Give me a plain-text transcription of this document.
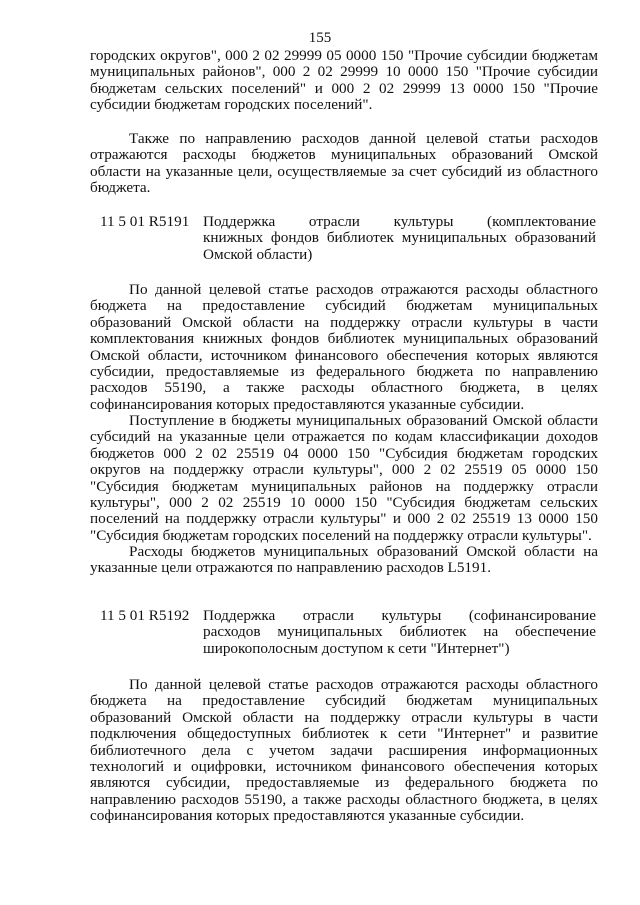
155
городских округов", 000 2 02 29999 05 0000 150 "Прочие субсидии бюджетам
муниципальных районов", 000 2 02 29999 10 0000 150 "Прочие субсидии
бюджетам сельских поселений" и 000 2 02 29999 13 0000 150 "Прочие
субсидии бюджетам городских поселений".
Также по направлению расходов данной целевой статьи расходов
отражаются расходы бюджетов муниципальных образований Омской
области на указанные цели, осуществляемые за счет субсидий из областного
бюджета.
11 5 01 R5191 Поддержка отрасли культуры (комплектование
книжных фондов библиотек муниципальных образований
Омской области)
По данной целевой статье расходов отражаются расходы областного
бюджета на предоставление субсидий бюджетам муниципальных
образований Омской области на поддержку отрасли культуры в части
комплектования книжных фондов библиотек муниципальных образований
Омской области, источником финансового обеспечения которых являются
субсидии, предоставляемые из федерального бюджета по направлению
расходов 55190, а также расходы областного бюджета, в целях
софинансирования которых предоставляются указанные субсидии.
Поступление в бюджеты муниципальных образований Омской области
субсидий на указанные цели отражается по кодам классификации доходов
бюджетов 000 2 02 25519 04 0000 150 "Субсидия бюджетам городских
округов на поддержку отрасли культуры", 000 2 02 25519 05 0000 150
"Субсидия бюджетам муниципальных районов на поддержку отрасли
культуры", 000 2 02 25519 10 0000 150 "Субсидия бюджетам сельских
поселений на поддержку отрасли культуры" и 000 2 02 25519 13 0000 150
"Субсидия бюджетам городских поселений на поддержку отрасли культуры".
Расходы бюджетов муниципальных образований Омской области на
указанные цели отражаются по направлению расходов L5191.
11 5 01 R5192 Поддержка отрасли культуры (софинансирование
расходов муниципальных библиотек на обеспечение
широкополосным доступом к сети "Интернет")
По данной целевой статье расходов отражаются расходы областного
бюджета на предоставление субсидий бюджетам муниципальных
образований Омской области на поддержку отрасли культуры в части
подключения общедоступных библиотек к сети "Интернет" и развитие
библиотечного дела с учетом задачи расширения информационных
технологий и оцифровки, источником финансового обеспечения которых
являются субсидии, предоставляемые из федерального бюджета по
направлению расходов 55190, а также расходы областного бюджета, в целях
софинансирования которых предоставляются указанные субсидии.
